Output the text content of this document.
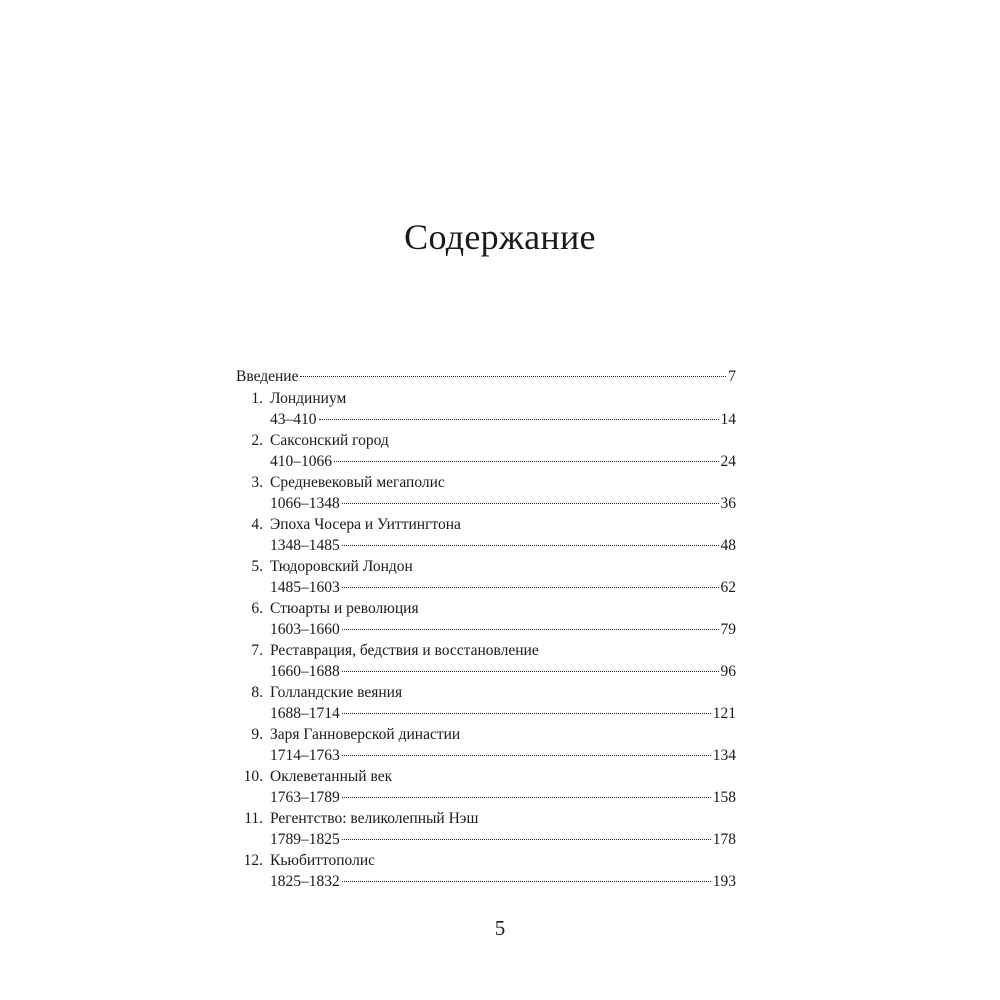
Содержание
Введение	7
1. Лондиниум
43–410	14
2. Саксонский город
410–1066	24
3. Средневековый мегаполис
1066–1348	36
4. Эпоха Чосера и Уиттингтона
1348–1485	48
5. Тюдоровский Лондон
1485–1603	62
6. Стюарты и революция
1603–1660	79
7. Реставрация, бедствия и восстановление
1660–1688	96
8. Голландские веяния
1688–1714	121
9. Заря Ганноверской династии
1714–1763	134
10. Оклеветанный век
1763–1789	158
11. Регентство: великолепный Нэш
1789–1825	178
12. Кьюбиттополис
1825–1832	193
5
